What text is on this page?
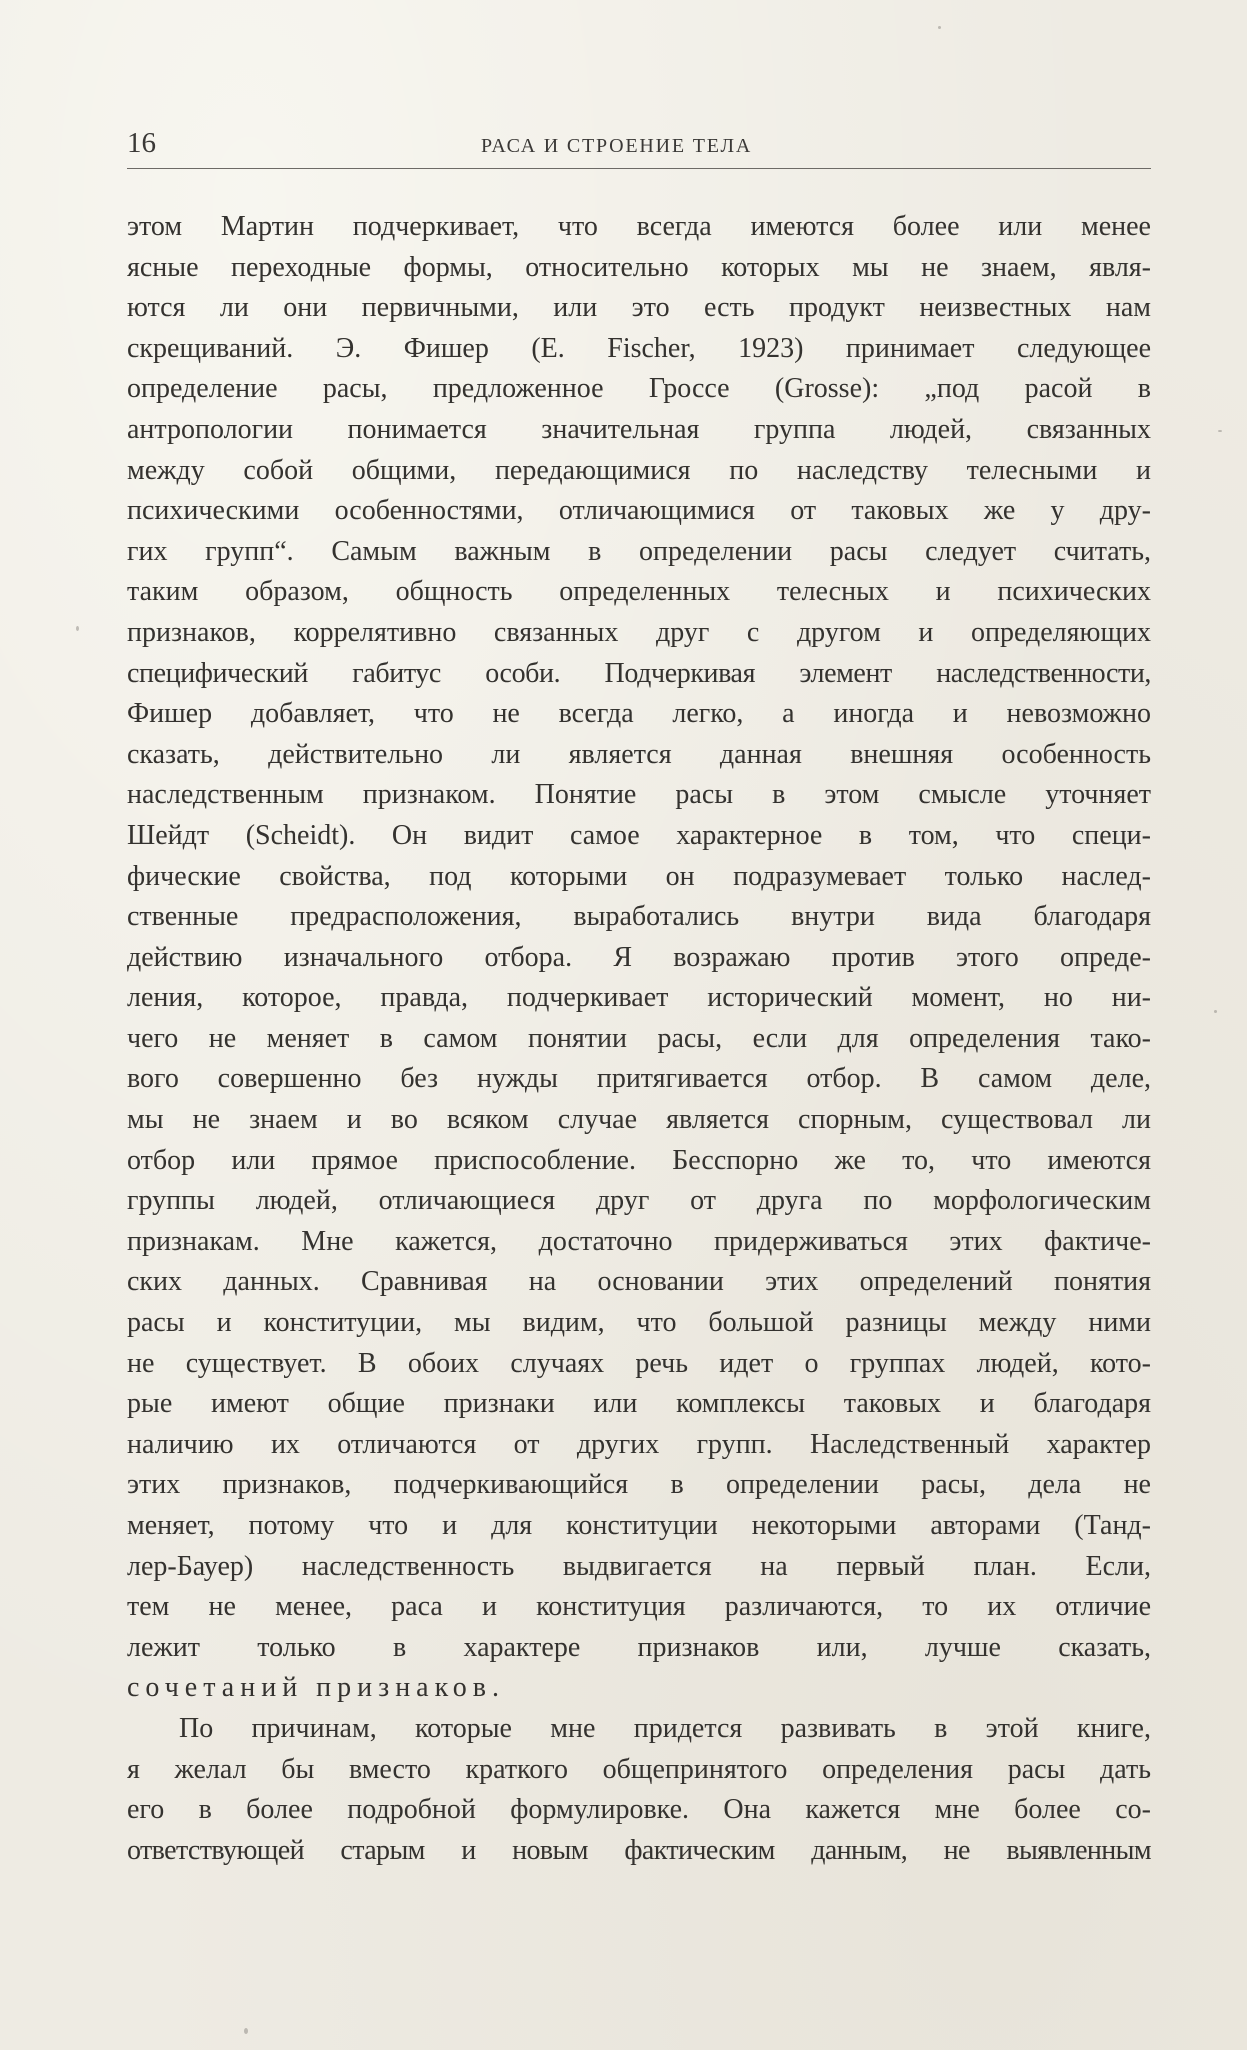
16	РАСА И СТРОЕНИЕ ТЕЛА
этом Мартин подчеркивает, что всегда имеются более или менее
ясные переходные формы, относительно которых мы не знаем, явля-
ются ли они первичными, или это есть продукт неизвестных нам
скрещиваний. Э. Фишер (E. Fischer, 1923) принимает следующее
определение расы, предложенное Гроссе (Grosse): „под расой в
антропологии понимается значительная группа людей, связанных
между собой общими, передающимися по наследству телесными и
психическими особенностями, отличающимися от таковых же у дру-
гих групп“. Самым важным в определении расы следует считать,
таким образом, общность определенных телесных и психических
признаков, коррелятивно связанных друг с другом и определяющих
специфический габитус особи. Подчеркивая элемент наследственности,
Фишер добавляет, что не всегда легко, а иногда и невозможно
сказать, действительно ли является данная внешняя особенность
наследственным признаком. Понятие расы в этом смысле уточняет
Шейдт (Scheidt). Он видит самое характерное в том, что специ-
фические свойства, под которыми он подразумевает только наслед-
ственные предрасположения, выработались внутри вида благодаря
действию изначального отбора. Я возражаю против этого опреде-
ления, которое, правда, подчеркивает исторический момент, но ни-
чего не меняет в самом понятии расы, если для определения тако-
вого совершенно без нужды притягивается отбор. В самом деле,
мы не знаем и во всяком случае является спорным, существовал ли
отбор или прямое приспособление. Бесспорно же то, что имеются
группы людей, отличающиеся друг от друга по морфологическим
признакам. Мне кажется, достаточно придерживаться этих фактиче-
ских данных. Сравнивая на основании этих определений понятия
расы и конституции, мы видим, что большой разницы между ними
не существует. В обоих случаях речь идет о группах людей, кото-
рые имеют общие признаки или комплексы таковых и благодаря
наличию их отличаются от других групп. Наследственный характер
этих признаков, подчеркивающийся в определении расы, дела не
меняет, потому что и для конституции некоторыми авторами (Танд-
лер-Бауер) наследственность выдвигается на первый план. Если,
тем не менее, раса и конституция различаются, то их отличие
лежит только в характере признаков или, лучше сказать,
сочетаний признаков.
По причинам, которые мне придется развивать в этой книге,
я желал бы вместо краткого общепринятого определения расы дать
его в более подробной формулировке. Она кажется мне более со-
ответствующей старым и новым фактическим данным, не выявленным
